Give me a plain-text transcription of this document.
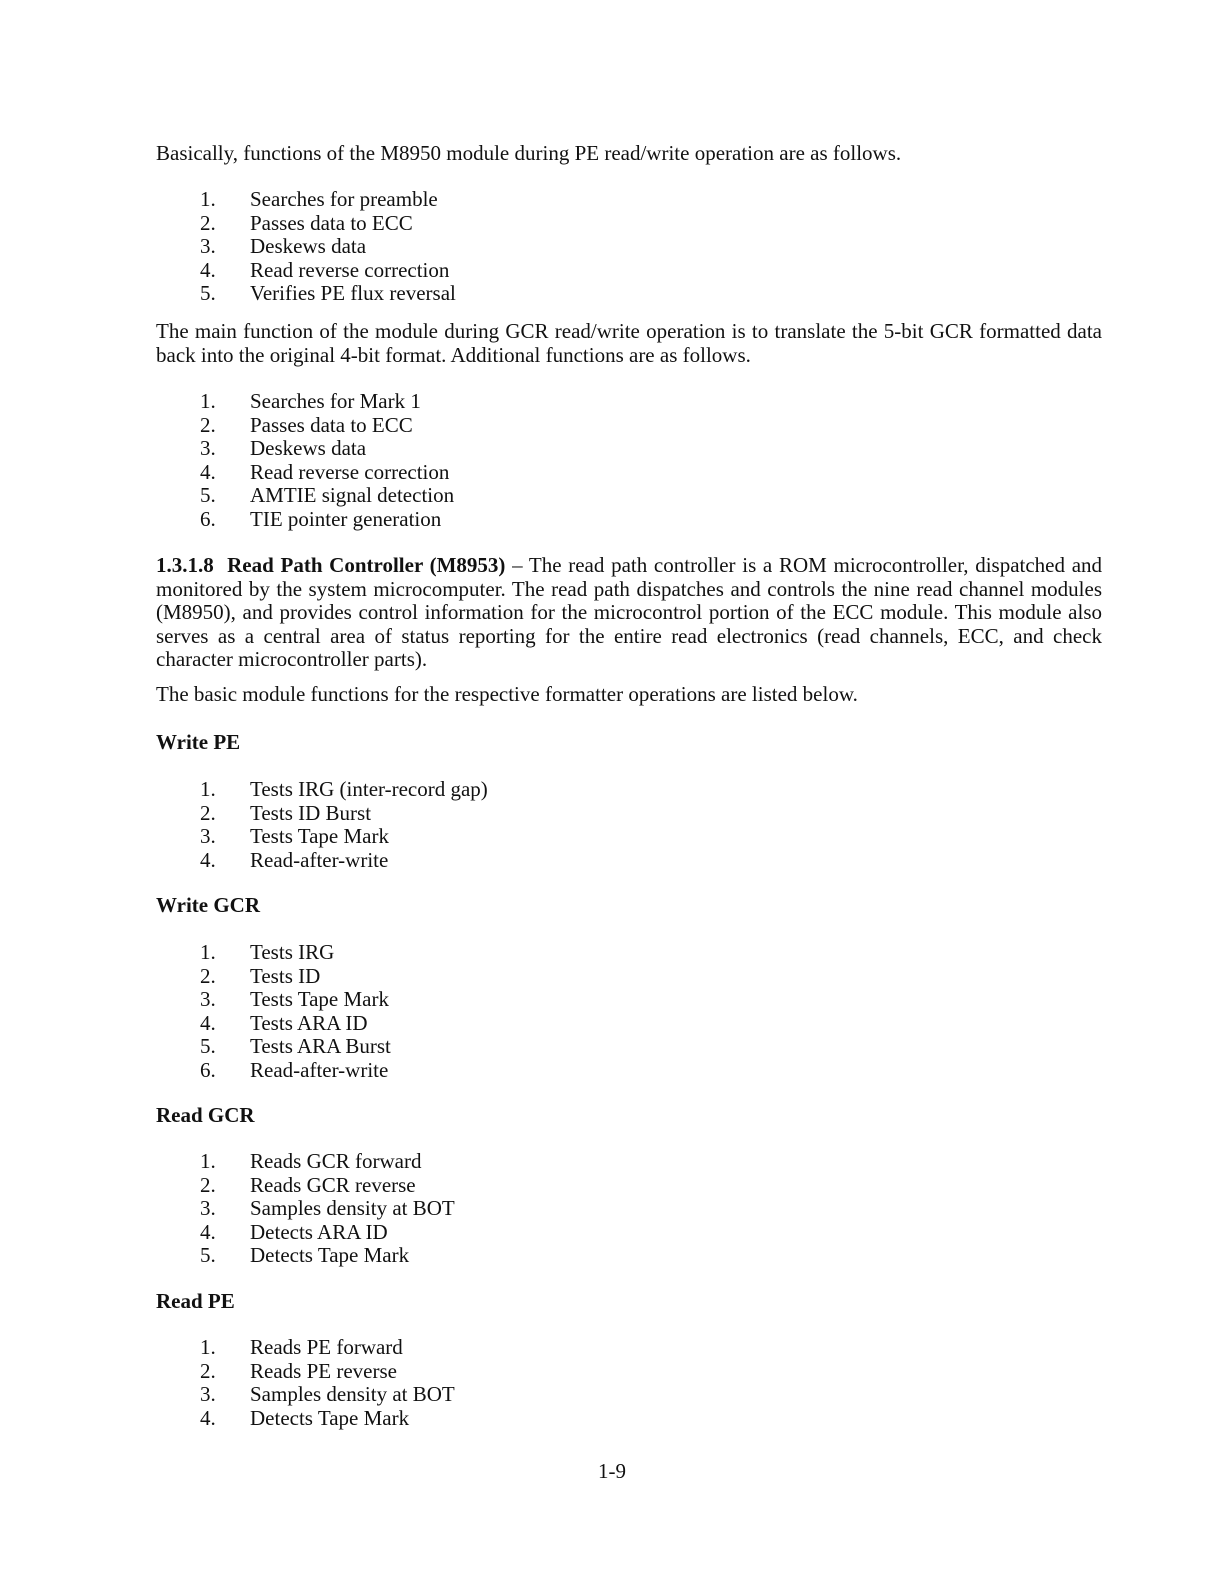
Basically, functions of the M8950 module during PE read/write operation are as follows.

1. Searches for preamble
2. Passes data to ECC
3. Deskews data
4. Read reverse correction
5. Verifies PE flux reversal

The main function of the module during GCR read/write operation is to translate the 5-bit GCR formatted data back into the original 4-bit format. Additional functions are as follows.

1. Searches for Mark 1
2. Passes data to ECC
3. Deskews data
4. Read reverse correction
5. AMTIE signal detection
6. TIE pointer generation

1.3.1.8 Read Path Controller (M8953) – The read path controller is a ROM microcontroller, dispatched and monitored by the system microcomputer. The read path dispatches and controls the nine read channel modules (M8950), and provides control information for the microcontrol portion of the ECC module. This module also serves as a central area of status reporting for the entire read electronics (read channels, ECC, and check character microcontroller parts).

The basic module functions for the respective formatter operations are listed below.

Write PE
1. Tests IRG (inter-record gap)
2. Tests ID Burst
3. Tests Tape Mark
4. Read-after-write
Write GCR
1. Tests IRG
2. Tests ID
3. Tests Tape Mark
4. Tests ARA ID
5. Tests ARA Burst
6. Read-after-write
Read GCR
1. Reads GCR forward
2. Reads GCR reverse
3. Samples density at BOT
4. Detects ARA ID
5. Detects Tape Mark
Read PE
1. Reads PE forward
2. Reads PE reverse
3. Samples density at BOT
4. Detects Tape Mark
1-9
